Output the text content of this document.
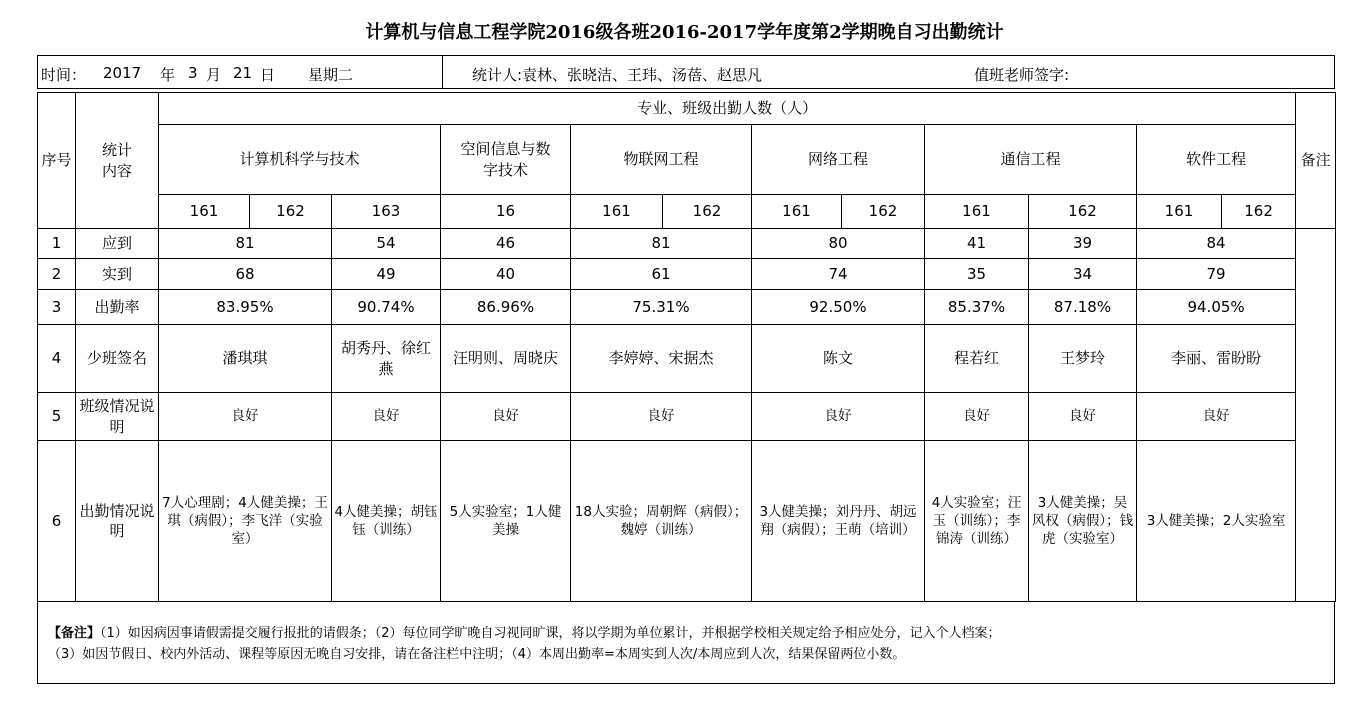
计算机与信息工程学院2016级各班2016-2017学年度第2学期晚自习出勤统计
时间： 2017 年 3 月 21 日 星期二	统计人:袁林、张晓洁、王玮、汤蓓、赵思凡	值班老师签字:
序号	统计内容	专业、班级出勤人数（人）												备注
		计算机科学与技术			空间信息与数字技术	物联网工程		网络工程		通信工程		软件工程		
		161	162	163	16	161	162	161	162	161	162	161	162	
1	应到	81		54	46	81		80		41	39	84		
2	实到	68		49	40	61		74		35	34	79		
3	出勤率	83.95%		90.74%	86.96%	75.31%		92.50%		85.37%	87.18%	94.05%		
4	少班签名	潘琪琪		胡秀丹、徐红燕	汪明则、周晓庆	李婷婷、宋据杰		陈文		程若红	王梦玲	李丽、雷盼盼		
5	班级情况说明	良好		良好	良好	良好		良好		良好	良好	良好		
6	出勤情况说明	7人心理剧；4人健美操；王琪（病假）；李飞洋（实验室）		4人健美操；胡钰钰（训练）	5人实验室；1人健美操	18人实验；周朝辉（病假）；魏婷（训练）		3人健美操；刘丹丹、胡远翔（病假）；王萌（培训）		4人实验室；汪玉（训练）；李锦涛（训练）	3人健美操；吴风权（病假）；钱虎（实验室）	3人健美操；2人实验室		

【备注】（1）如因病因事请假需提交履行报批的请假条；（2）每位同学旷晚自习视同旷课，将以学期为单位累计，并根据学校相关规定给予相应处分，记入个人档案；

（3）如因节假日、校内外活动、课程等原因无晚自习安排，请在备注栏中注明；（4）本周出勤率=本周实到人次/本周应到人次，结果保留两位小数。
